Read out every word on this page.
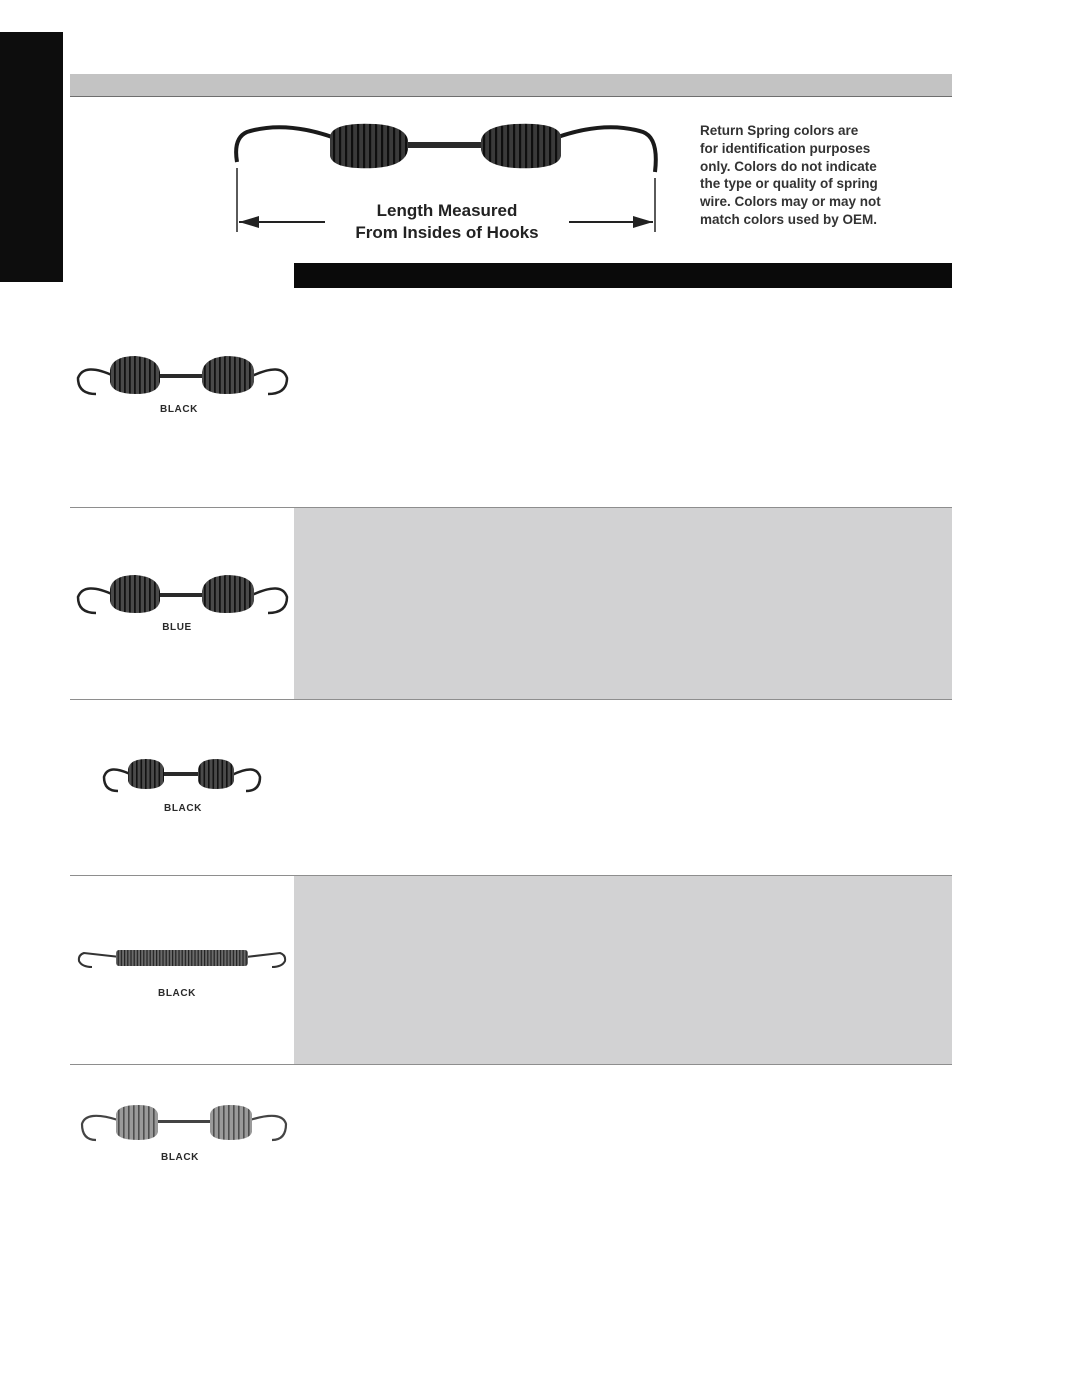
Length Measured
From Insides of Hooks
Return Spring colors are
for identification purposes
only. Colors do not indicate
the type or quality of spring
wire. Colors may or may not
match colors used by OEM.
BLACK
BLUE
BLACK
BLACK
BLACK
